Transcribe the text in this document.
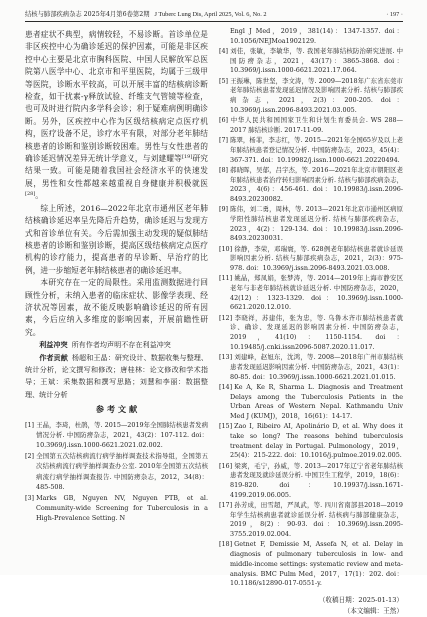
结核与肺部疾病杂志 2025年4月第6卷第2期 J Tuberc Lung Dis, April 2025, Vol. 6, No. 2	· 197 ·

患者症状不典型，病情较轻，不易诊断。首诊单位是非区疾控中心为确诊延迟的保护因素，可能是非区疾控中心主要是北京市胸科医院、中国人民解放军总医院第八医学中心、北京市和平里医院，均属于三级甲等医院，诊断水平较高，可以开展丰富的结核病诊断检查，如干扰素-γ释放试验、纤维支气管镜等检查，也可及时进行院内多学科会诊；利于疑难病例明确诊断。另外，区疾控中心作为区级结核病定点医疗机构，医疗设备不足，诊疗水平有限，对部分老年肺结核患者的诊断和鉴别诊断较困难。男性与女性患者的确诊延迟情况差异无统计学意义，与刘建耀等[19]研究结果一致。可能是随着我国社会经济水平的快速发展，男性和女性都越来越重视自身健康并积极就医[28]。

综上所述，2016—2022年北京市通州区老年肺结核确诊延迟率呈先降后升趋势，确诊延迟与发现方式和首诊单位有关。今后需加强主动发现的疑似肺结核患者的诊断和鉴别诊断，提高区级结核病定点医疗机构的诊疗能力，提高患者的早诊断、早治疗的比例，进一步缩短老年肺结核患者的确诊延迟率。

本研究存在一定的局限性。采用监测数据进行回顾性分析，未纳入患者的临床症状、影像学表现、经济状况等因素，故不能反映影响确诊延迟的所有因素，今后应纳入多维度的影响因素，开展前瞻性研究。

利益冲突 所有作者均声明不存在利益冲突

作者贡献 杨超和王晶：研究设计、数据收集与整理、统计分析，论文撰写和修改；唐桂林：论文修改和学术指导；王斌：采集数据和撰写思路；刘慧和李丽：数据整理、统计分析

参 考 文 献
[1] 王晶，李琦，杜鹃，等. 2015—2019年全国肺结核患者发病情况分析. 中国防痨杂志，2021，43(2)：107-112. doi：10.3969/j.issn.1000-6621.2021.02.002.
[2] 全国第五次结核病流行病学抽样调查技术指导组，全国第五次结核病流行病学抽样调查办公室. 2010年全国第五次结核病流行病学抽样调查报告. 中国防痨杂志，2012，34(8)：485-508.
[3] Marks GB, Nguyen NV, Nguyen PTB, et al. Community-wide Screening for Tuberculosis in a High-Prevalence Setting. N
Engl J Med，2019，381(14)：1347-1357. doi：10.1056/NEJMoa1902129.
[4] 刘佳，张敏，李敏华，等. 我国老年肺结核防治研究进展. 中国防痨杂志，2021，43(17)：3865-3868. doi：10.3969/j.issn.1000-6621.2021.17.064.
[5] 王振琳，陈世坚，李文涛，等. 2009—2018年广东省东莞市老年肺结核患者发现延迟情况及影响因素分析. 结核与肺部疾病杂志，2021，2(3)：200-205. doi：10.3969/j.issn.2096-8493.2021.03.005.
[6] 中华人民共和国国家卫生和计划生育委员会. WS 288—2017 肺结核诊断. 2017-11-09.
[7] 陈翠，杨菲，李志红，等. 2015—2021年全国65岁及以上老年肺结核患者登记情况分析. 中国防痨杂志，2023，45(4)：367-371. doi：10.19982/j.issn.1000-6621.20220494.
[8] 郝晓晖，吴郁，吕宇杰，等. 2016—2021年北京市朝阳区老年肺结核患者治疗转归影响因素分析. 结核与肺部疾病杂志，2023，4(6)：456-461. doi：10.19983/j.issn.2096-8493.20230082.
[9] 陈伟，刘二勇，周林，等. 2013—2021年北京市通州区病原学阳性肺结核患者发现延迟分析. 结核与肺部疾病杂志，2023，4(2)：129-134. doi：10.19983/j.issn.2096-8493.20230031.
[10] 徐静，李荣，邓瑞寰，等. 628例老年肺结核患者就诊延误影响因素分析. 结核与肺部疾病杂志，2021，2(3)：975-978. doi：10.3969/j.issn.2096-8493.2021.03.008.
[11] 姚晶，郑凤娟，张梦涛，等. 2014—2019年上海市静安区老年与非老年肺结核就诊延迟分析. 中国防痨杂志，2020，42(12)：1323-1329. doi：10.3969/j.issn.1000-6621.2020.12.010.
[12] 李晓祥，苏建伟，张为忠，等. 乌鲁木齐市肺结核患者就诊、确诊、发现延迟的影响因素分析. 中国防痨杂志，2019，41(10)：1150-1154. doi：10.19485/j.cnki.issn2096-5087.2020.11.017.
[13] 刘建峰，赵旭东，沈鸿，等. 2008—2018年广州市肺结核患者发现延迟影响因素分析. 中国防痨杂志，2021，43(1)：80-85. doi：10.3969/j.issn.1000-6621.2021.01.015.
[14] Ke A, Ke R, Sharma L. Diagnosis and Treatment Delays among the Tuberculosis Patients in the Urban Areas of Western Nepal. Kathmandu Univ Med J (KUMJ)，2018，16(61)：14-17.
[15] Zao I, Ribeiro AI, Apolinário D, et al. Why does it take so long? The reasons behind tuberculosis treatment delay in Portugal. Pulmonology，2019，25(4)：215-222. doi：10.1016/j.pulmoe.2019.02.005.
[16] 梁爽，毛宁，孙威，等. 2013—2017年辽宁省老年肺结核患者发现及就诊延误分析. 中国卫生工程学，2019，18(6)：819-820. doi：10.19937/j.issn.1671-4199.2019.06.005.
[17] 孙芳成，田雪超，严凤武，等. 四川省南部县2018—2019年学生结核病患者就诊延误分析. 结核病与肺部健康杂志，2019，8(2)：90-93. doi：10.3969/j.issn.2095-3755.2019.02.004.
[18] Getnet F, Demissie M, Assefa N, et al. Delay in diagnosis of pulmonary tuberculosis in low- and middle-income settings: systematic review and meta-analysis. BMC Pulm Med，2017，17(1)：202. doi：10.1186/s12890-017-0551-y.
（收稿日期：2025-01-13）
（本文编辑：王然）
